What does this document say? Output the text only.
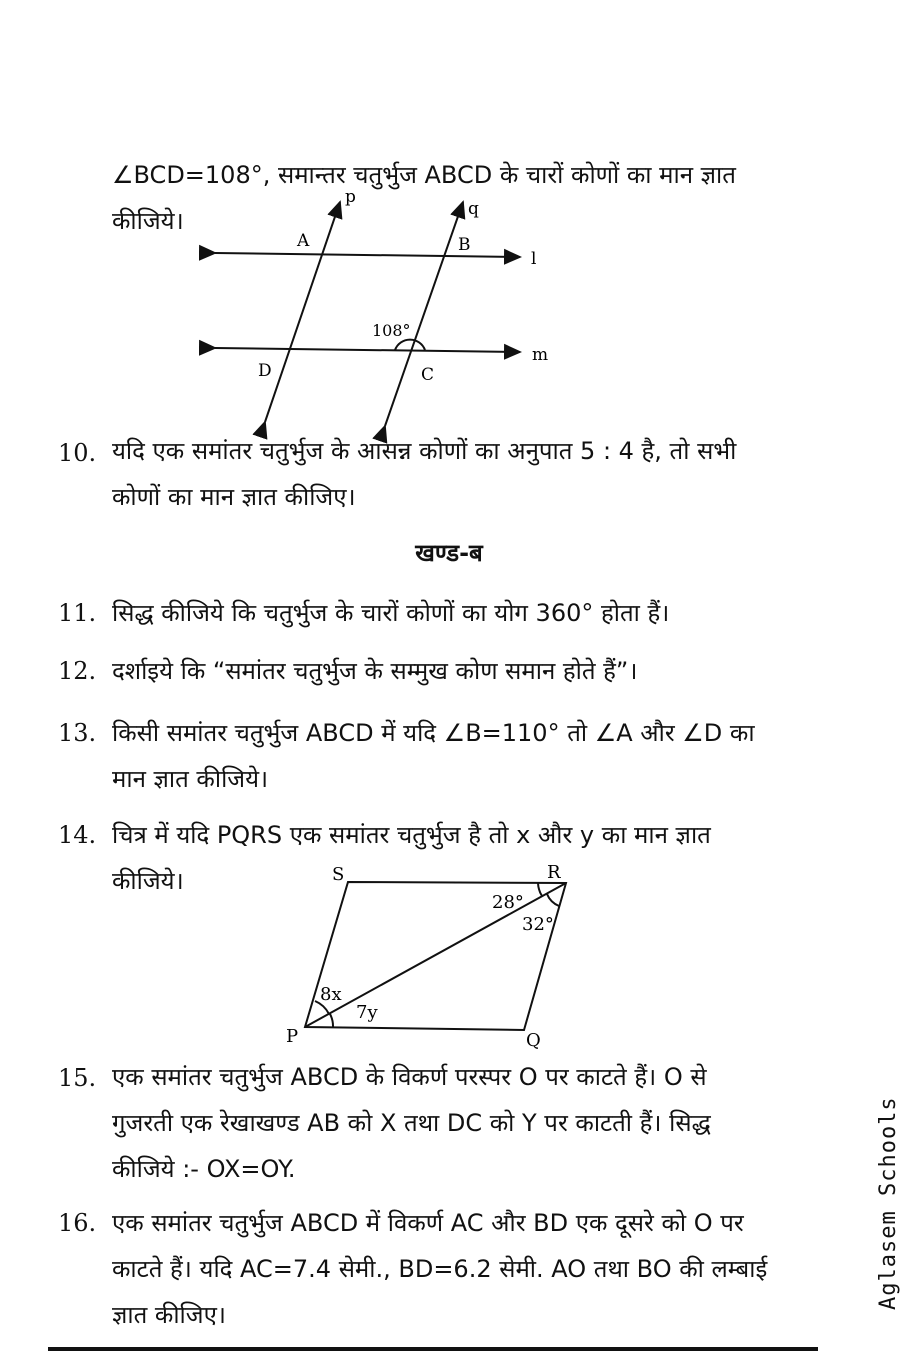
∠BCD=108°, समान्तर चतुर्भुज ABCD के चारों कोणों का मान ज्ञात
कीजिये।
p
q
A	B
l
108°
m
D	C
10. यदि एक समांतर चतुर्भुज के आसन्न कोणों का अनुपात 5 : 4 है, तो सभी
कोणों का मान ज्ञात कीजिए।
खण्ड-ब
11. सिद्ध कीजिये कि चतुर्भुज के चारों कोणों का योग 360° होता हैं।
12. दर्शाइये कि “समांतर चतुर्भुज के सम्मुख कोण समान होते हैं”।
13. किसी समांतर चतुर्भुज ABCD में यदि ∠B=110° तो ∠A और ∠D का
मान ज्ञात कीजिये।
14. चित्र में यदि PQRS एक समांतर चतुर्भुज है तो x और y का मान ज्ञात
कीजिये।	S	R
28°
32°
8x
7y
P	Q
15. एक समांतर चतुर्भुज ABCD के विकर्ण परस्पर O पर काटते हैं। O से
गुजरती एक रेखाखण्ड AB को X तथा DC को Y पर काटती हैं। सिद्ध
कीजिये :- OX=OY.
16. एक समांतर चतुर्भुज ABCD में विकर्ण AC और BD एक दूसरे को O पर
काटते हैं। यदि AC=7.4 सेमी., BD=6.2 सेमी. AO तथा BO की लम्बाई
ज्ञात कीजिए।
Aglasem Schools
